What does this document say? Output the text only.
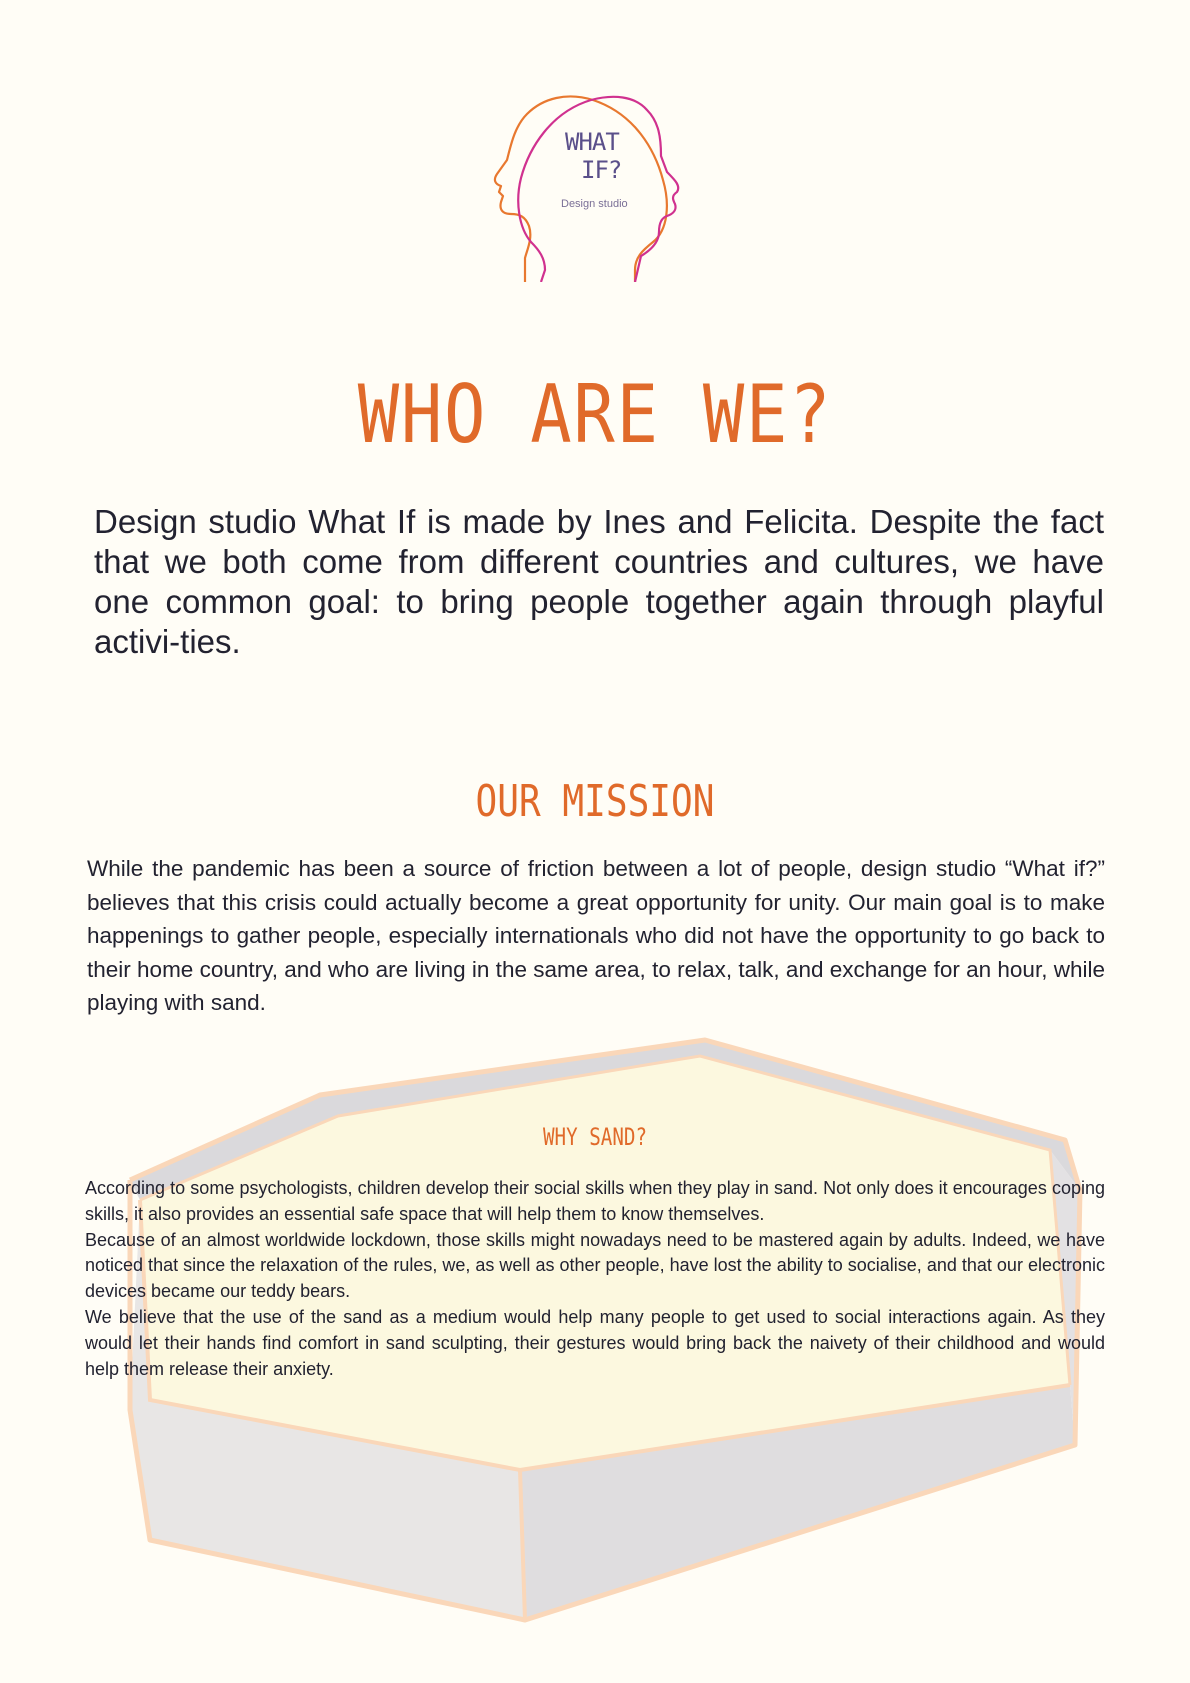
WHAT
IF?
Design studio
WHO ARE WE?

Design studio What If is made by Ines and Felicita. Despite the fact that we both come from different countries and cultures, we have one common goal: to bring people together again through playful activi-ties.

OUR MISSION

While the pandemic has been a source of friction between a lot of people, design studio “What if?” believes that this crisis could actually become a great opportunity for unity. Our main goal is to make happenings to gather people, especially internationals who did not have the opportunity to go back to their home country, and who are living in the same area, to relax, talk, and exchange for an hour, while playing with sand.

WHY SAND?

According to some psychologists, children develop their social skills when they play in sand. Not only does it encourages coping skills, it also provides an essential safe space that will help them to know themselves.

Because of an almost worldwide lockdown, those skills might nowadays need to be mastered again by adults. Indeed, we have noticed that since the relaxation of the rules, we, as well as other people, have lost the ability to socialise, and that our electronic devices became our teddy bears.

We believe that the use of the sand as a medium would help many people to get used to social interactions again. As they would let their hands find comfort in sand sculpting, their gestures would bring back the naivety of their childhood and would help them release their anxiety.
